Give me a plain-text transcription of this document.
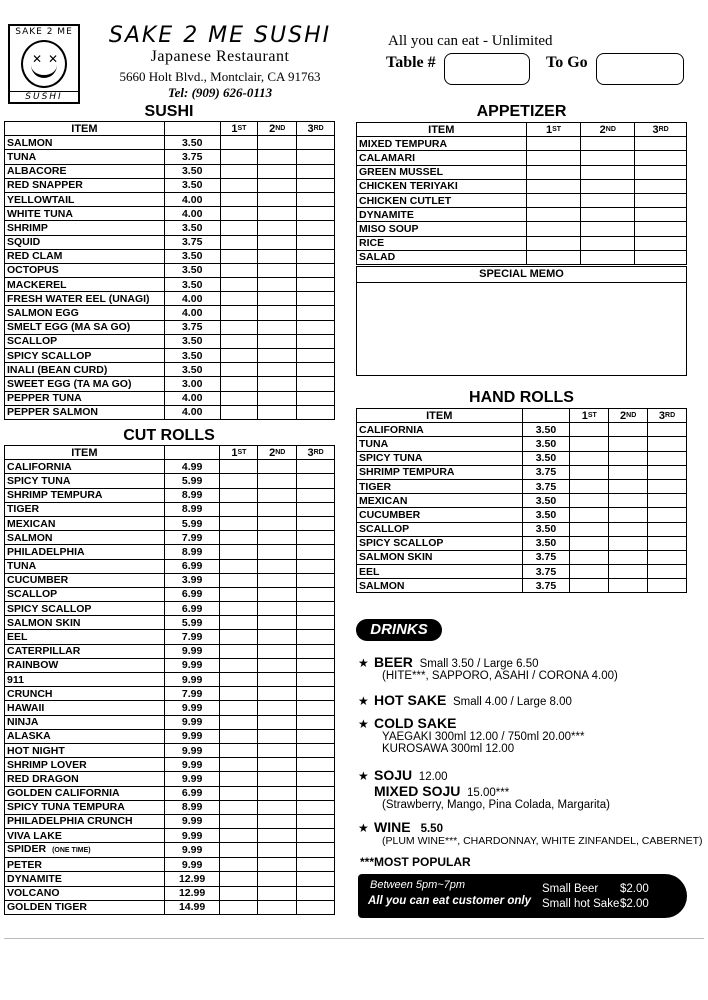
SAKE 2 ME
✕ ✕
SUSHI
SAKE 2 ME SUSHI
Japanese Restaurant
5660 Holt Blvd., Montclair, CA 91763
Tel: (909) 626-0113
All you can eat - Unlimited
Table #	To Go
SUSHI
ITEM		1ST	2ND	3RD
SALMON	3.50			
TUNA	3.75			
ALBACORE	3.50			
RED SNAPPER	3.50			
YELLOWTAIL	4.00			
WHITE TUNA	4.00			
SHRIMP	3.50			
SQUID	3.75			
RED CLAM	3.50			
OCTOPUS	3.50			
MACKEREL	3.50			
FRESH WATER EEL (UNAGI)	4.00			
SALMON EGG	4.00			
SMELT EGG (MA SA GO)	3.75			
SCALLOP	3.50			
SPICY SCALLOP	3.50			
INALI (BEAN CURD)	3.50			
SWEET EGG (TA MA GO)	3.00			
PEPPER TUNA	4.00			
PEPPER SALMON	4.00			
CUT ROLLS
ITEM		1ST	2ND	3RD
CALIFORNIA	4.99			
SPICY TUNA	5.99			
SHRIMP TEMPURA	8.99			
TIGER	8.99			
MEXICAN	5.99			
SALMON	7.99			
PHILADELPHIA	8.99			
TUNA	6.99			
CUCUMBER	3.99			
SCALLOP	6.99			
SPICY SCALLOP	6.99			
SALMON SKIN	5.99			
EEL	7.99			
CATERPILLAR	9.99			
RAINBOW	9.99			
911	9.99			
CRUNCH	7.99			
HAWAII	9.99			
NINJA	9.99			
ALASKA	9.99			
HOT NIGHT	9.99			
SHRIMP LOVER	9.99			
RED DRAGON	9.99			
GOLDEN CALIFORNIA	6.99			
SPICY TUNA TEMPURA	8.99			
PHILADELPHIA CRUNCH	9.99			
VIVA LAKE	9.99			
SPIDER (ONE TIME)	9.99			
PETER	9.99			
DYNAMITE	12.99			
VOLCANO	12.99			
GOLDEN TIGER	14.99			
APPETIZER
ITEM	1ST	2ND	3RD
MIXED TEMPURA			
CALAMARI			
GREEN MUSSEL			
CHICKEN TERIYAKI			
CHICKEN CUTLET			
DYNAMITE			
MISO SOUP			
RICE			
SALAD			
SPECIAL MEMO
HAND ROLLS
ITEM		1ST	2ND	3RD
CALIFORNIA	3.50			
TUNA	3.50			
SPICY TUNA	3.50			
SHRIMP TEMPURA	3.75			
TIGER	3.75			
MEXICAN	3.50			
CUCUMBER	3.50			
SCALLOP	3.50			
SPICY SCALLOP	3.50			
SALMON SKIN	3.75			
EEL	3.75			
SALMON	3.75			
DRINKS
★ BEER Small 3.50 / Large 6.50
(HITE***, SAPPORO, ASAHI / CORONA 4.00)
★ HOT SAKE Small 4.00 / Large 8.00
★ COLD SAKE
YAEGAKI 300ml 12.00 / 750ml 20.00***
KUROSAWA 300ml 12.00
★ SOJU 12.00
MIXED SOJU 15.00***
(Strawberry, Mango, Pina Colada, Margarita)
★ WINE 5.50
(PLUM WINE***, CHARDONNAY, WHITE ZINFANDEL, CABERNET)
***MOST POPULAR
Between 5pm~7pm
All you can eat customer only
Small Beer $2.00
Small hot Sake $2.00
